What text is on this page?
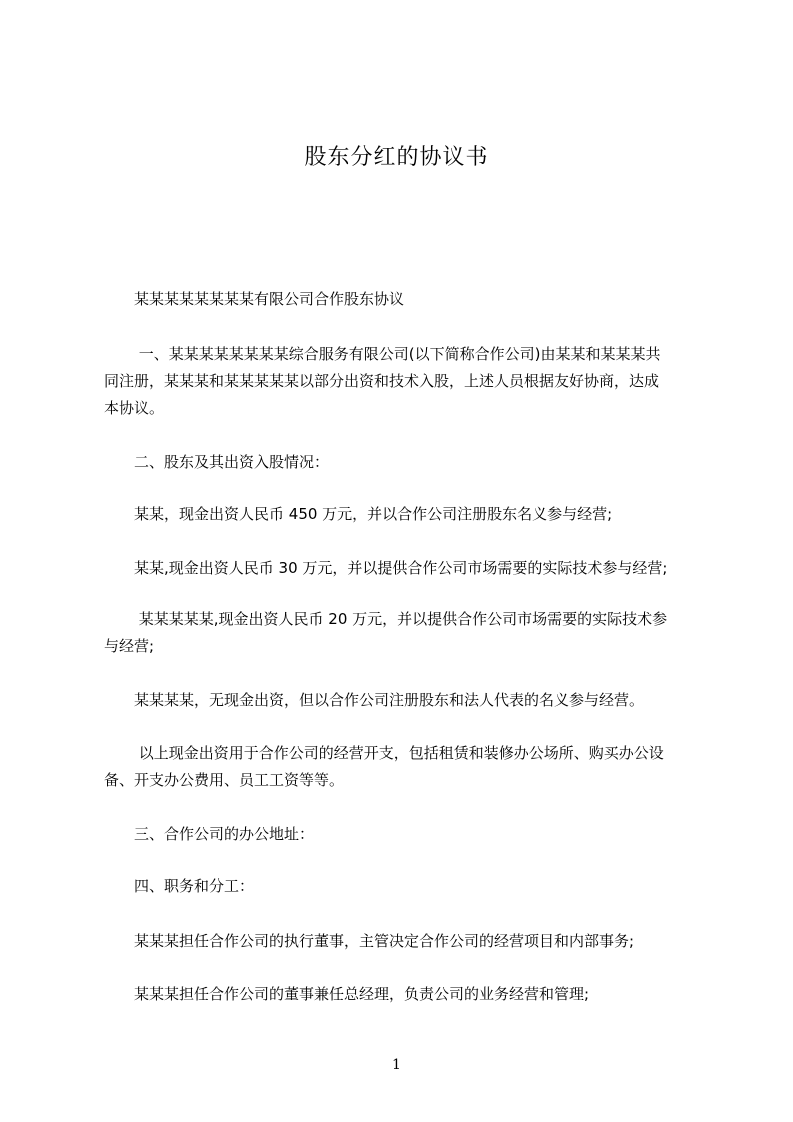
股东分红的协议书

　　某某某某某某某某有限公司合作股东协议

　　 一、某某某某某某某某综合服务有限公司(以下简称合作公司)由某某和某某某共
同注册，某某某和某某某某某以部分出资和技术入股，上述人员根据友好协商，达成
本协议。

　　二、股东及其出资入股情况：

　　某某，现金出资人民币 450 万元，并以合作公司注册股东名义参与经营;

　　某某,现金出资人民币 30 万元，并以提供合作公司市场需要的实际技术参与经营;

　　 某某某某某,现金出资人民币 20 万元，并以提供合作公司市场需要的实际技术参
与经营;

　　某某某某，无现金出资，但以合作公司注册股东和法人代表的名义参与经营。

　　 以上现金出资用于合作公司的经营开支，包括租赁和装修办公场所、购买办公设
备、开支办公费用、员工工资等等。

　　三、合作公司的办公地址：

　　四、职务和分工：

　　某某某担任合作公司的执行董事，主管决定合作公司的经营项目和内部事务;

　　某某某担任合作公司的董事兼任总经理，负责公司的业务经营和管理;

1
